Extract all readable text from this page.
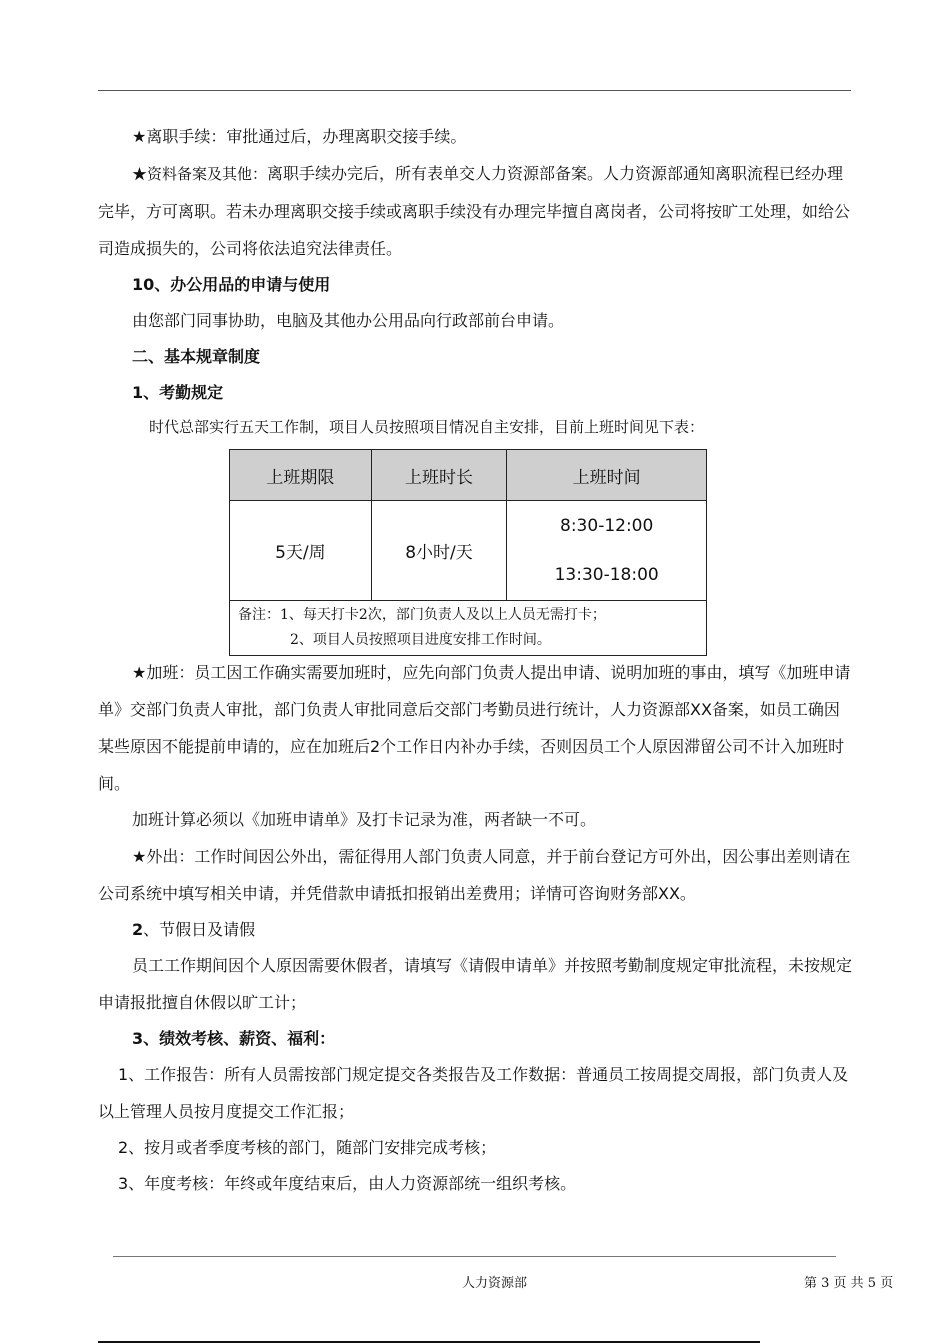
★离职手续：审批通过后，办理离职交接手续。

★资料备案及其他：离职手续办完后，所有表单交人力资源部备案。人力资源部通知离职流程已经办理完毕，方可离职。若未办理离职交接手续或离职手续没有办理完毕擅自离岗者，公司将按旷工处理，如给公司造成损失的，公司将依法追究法律责任。

10、办公用品的申请与使用

由您部门同事协助，电脑及其他办公用品向行政部前台申请。

二、基本规章制度

1、考勤规定

时代总部实行五天工作制，项目人员按照项目情况自主安排，目前上班时间见下表：

上班期限	上班时长	上班时间
5天/周	8小时/天	8:30-12:00
13:30-18:00

备注：1、每天打卡2次，部门负责人及以上人员无需打卡；
2、项目人员按照项目进度安排工作时间。		

★加班：员工因工作确实需要加班时，应先向部门负责人提出申请、说明加班的事由，填写《加班申请单》交部门负责人审批，部门负责人审批同意后交部门考勤员进行统计，人力资源部XX备案，如员工确因某些原因不能提前申请的，应在加班后2个工作日内补办手续，否则因员工个人原因滞留公司不计入加班时间。

加班计算必须以《加班申请单》及打卡记录为准，两者缺一不可。

★外出：工作时间因公外出，需征得用人部门负责人同意，并于前台登记方可外出，因公事出差则请在公司系统中填写相关申请，并凭借款申请抵扣报销出差费用；详情可咨询财务部XX。

2、节假日及请假

员工工作期间因个人原因需要休假者，请填写《请假申请单》并按照考勤制度规定审批流程，未按规定申请报批擅自休假以旷工计；

3、绩效考核、薪资、福利：

1、工作报告：所有人员需按部门规定提交各类报告及工作数据：普通员工按周提交周报，部门负责人及以上管理人员按月度提交工作汇报；

2、按月或者季度考核的部门，随部门安排完成考核；

3、年度考核：年终或年度结束后，由人力资源部统一组织考核。

人力资源部	第 3 页 共 5 页
